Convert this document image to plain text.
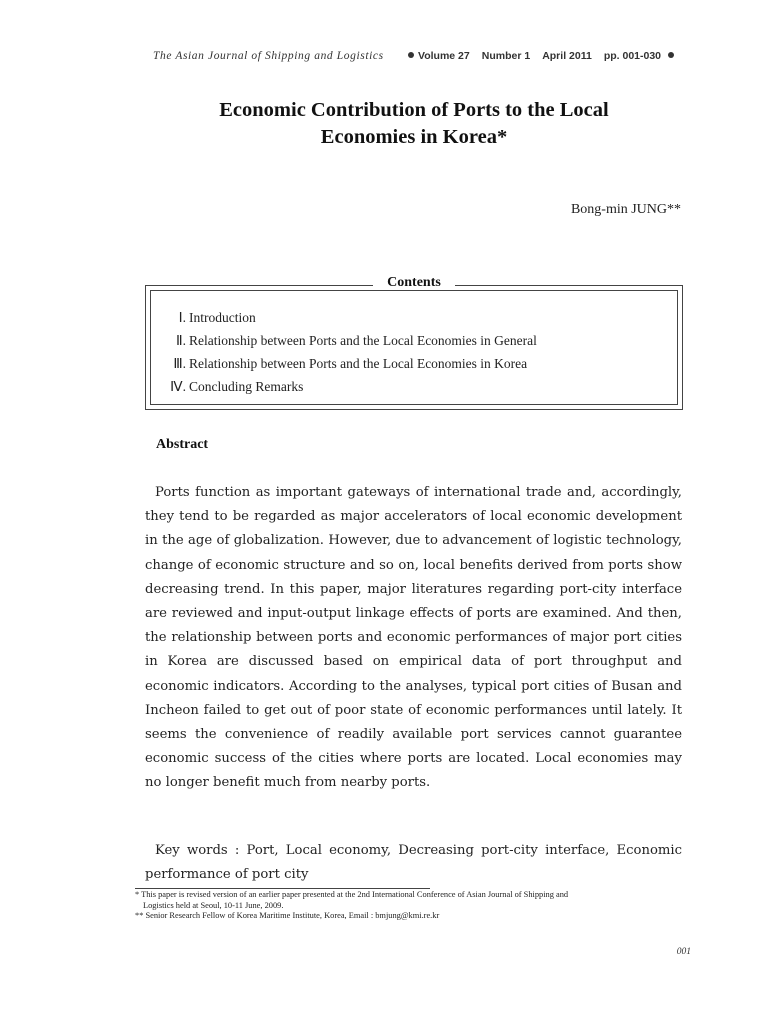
The Asian Journal of Shipping and Logistics	Volume 27 Number 1 April 2011 pp. 001-030
Economic Contribution of Ports to the Local
Economies in Korea*
Bong-min JUNG**
Contents
Ⅰ. Introduction
Ⅱ. Relationship between Ports and the Local Economies in General
Ⅲ. Relationship between Ports and the Local Economies in Korea
Ⅳ. Concluding Remarks
Abstract
Ports function as important gateways of international trade and, accordingly, they tend to be regarded as major accelerators of local economic development in the age of globalization. However, due to advancement of logistic technology, change of economic structure and so on, local benefits derived from ports show decreasing trend. In this paper, major literatures regarding port-city interface are reviewed and input-output linkage effects of ports are examined. And then, the relationship between ports and economic performances of major port cities in Korea are discussed based on empirical data of port throughput and economic indicators. According to the analyses, typical port cities of Busan and Incheon failed to get out of poor state of economic performances until lately. It seems the convenience of readily available port services cannot guarantee economic success of the cities where ports are located. Local economies may no longer benefit much from nearby ports.
Key words : Port, Local economy, Decreasing port-city interface, Economic performance of port city

* This paper is revised version of an earlier paper presented at the 2nd International Conference of Asian Journal of Shipping and

Logistics held at Seoul, 10-11 June, 2009.

** Senior Research Fellow of Korea Maritime Institute, Korea, Email : bmjung@kmi.re.kr

001
